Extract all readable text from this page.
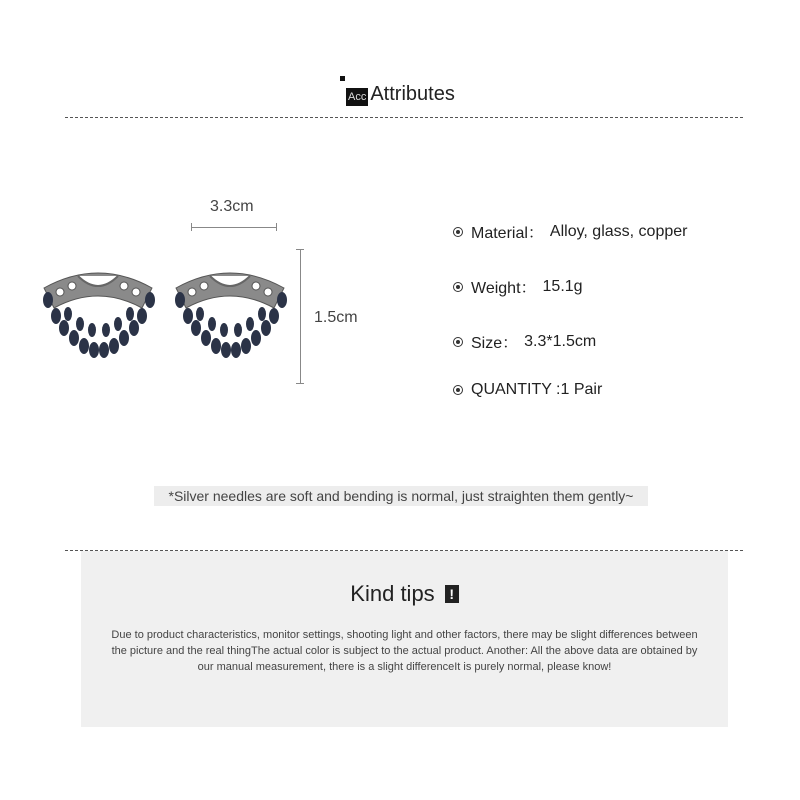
Acc Attributes
3.3cm
1.5cm
Material： Alloy, glass, copper
Weight： 15.1g
Size： 3.3*1.5cm
QUANTITY : 1 Pair
*Silver needles are soft and bending is normal, just straighten them gently~
Kind tips	!
Due to product characteristics, monitor settings, shooting light and other factors, there may be slight differences between the picture and the real thingThe actual color is subject to the actual product. Another: All the above data are obtained by our manual measurement, there is a slight differenceIt is purely normal, please know!
